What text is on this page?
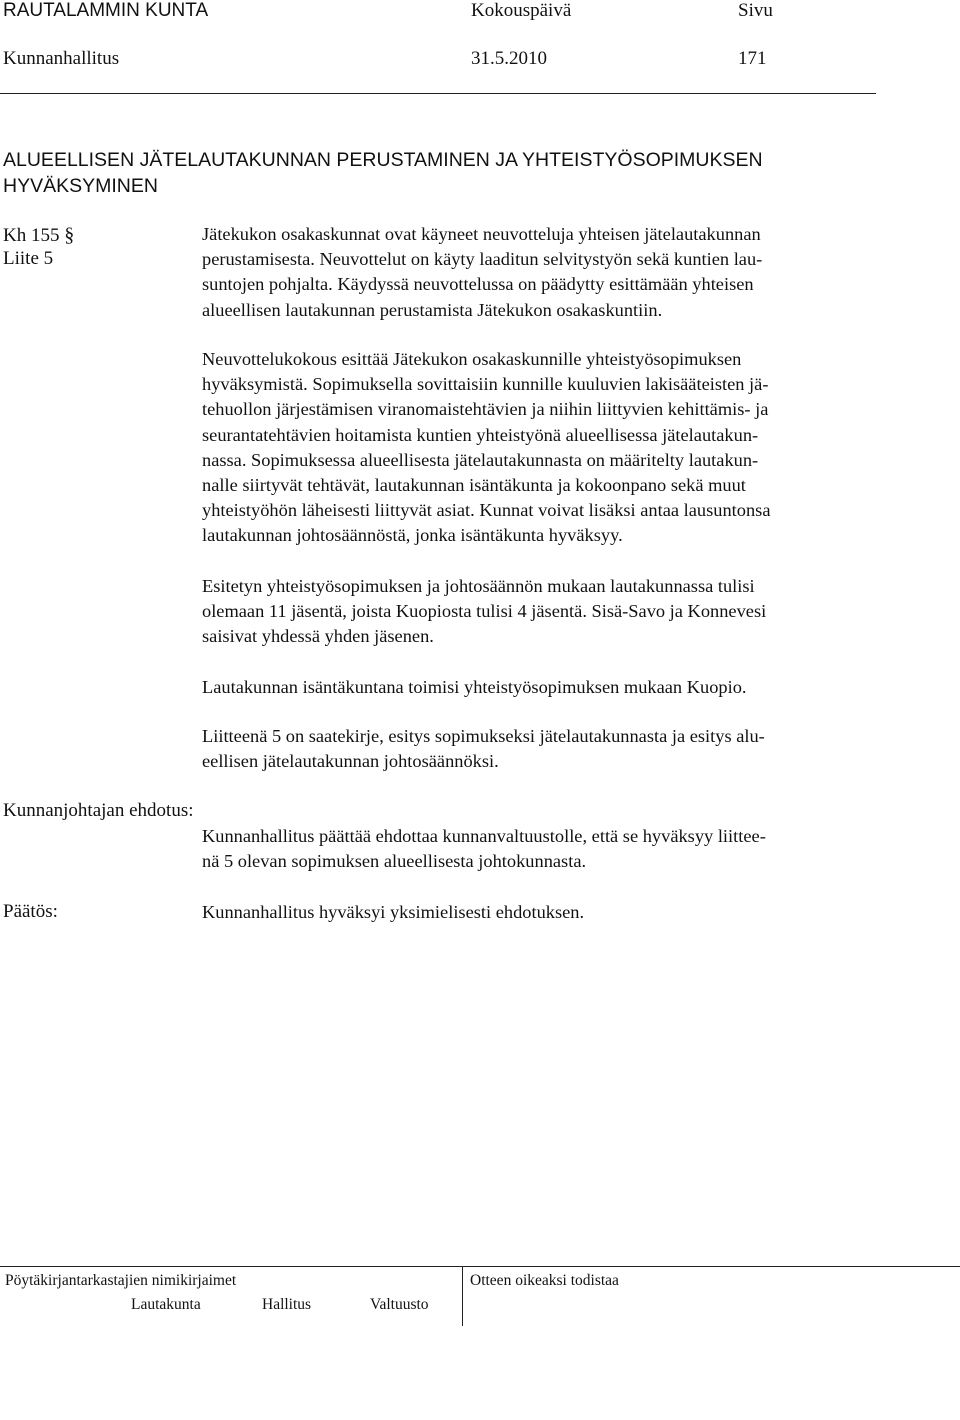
RAUTALAMMIN KUNTA	Kokouspäivä	Sivu
Kunnanhallitus	31.5.2010	171
ALUEELLISEN JÄTELAUTAKUNNAN PERUSTAMINEN JA YHTEISTYÖSOPIMUKSEN HYVÄKSYMINEN
Kh 155 §
Liite 5
Jätekukon osakaskunnat ovat käyneet neuvotteluja yhteisen jätelautakunnan
perustamisesta. Neuvottelut on käyty laaditun selvitystyön sekä kuntien lau-
suntojen pohjalta. Käydyssä neuvottelussa on päädytty esittämään yhteisen
alueellisen lautakunnan perustamista Jätekukon osakaskuntiin.
Neuvottelukokous esittää Jätekukon osakaskunnille yhteistyösopimuksen
hyväksymistä. Sopimuksella sovittaisiin kunnille kuuluvien lakisääteisten jä-
tehuollon järjestämisen viranomaistehtävien ja niihin liittyvien kehittämis- ja
seurantatehtävien hoitamista kuntien yhteistyönä alueellisessa jätelautakun-
nassa. Sopimuksessa alueellisesta jätelautakunnasta on määritelty lautakun-
nalle siirtyvät tehtävät, lautakunnan isäntäkunta ja kokoonpano sekä muut
yhteistyöhön läheisesti liittyvät asiat. Kunnat voivat lisäksi antaa lausuntonsa
lautakunnan johtosäännöstä, jonka isäntäkunta hyväksyy.
Esitetyn yhteistyösopimuksen ja johtosäännön mukaan lautakunnassa tulisi
olemaan 11 jäsentä, joista Kuopiosta tulisi 4 jäsentä. Sisä-Savo ja Konnevesi
saisivat yhdessä yhden jäsenen.
Lautakunnan isäntäkuntana toimisi yhteistyösopimuksen mukaan Kuopio.
Liitteenä 5 on saatekirje, esitys sopimukseksi jätelautakunnasta ja esitys alu-
eellisen jätelautakunnan johtosäännöksi.
Kunnanjohtajan ehdotus:
Kunnanhallitus päättää ehdottaa kunnanvaltuustolle, että se hyväksyy liittee-
nä 5 olevan sopimuksen alueellisesta johtokunnasta.
Päätös:	Kunnanhallitus hyväksyi yksimielisesti ehdotuksen.
Pöytäkirjantarkastajien nimikirjaimet
Lautakunta	Hallitus	Valtuusto
Otteen oikeaksi todistaa
